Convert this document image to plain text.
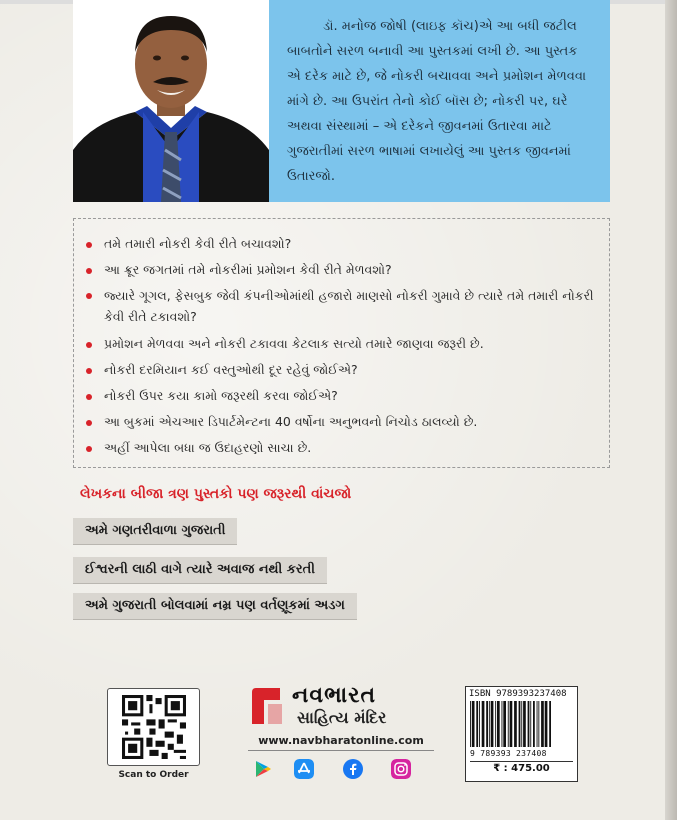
ડૉ. મનોજ જોષી (લાઇફ કૉચ)એ આ બધી જટીલ બાબતોને સરળ બનાવી આ પુસ્તકમાં લખી છે. આ પુસ્તક એ દરેક માટે છે, જે નોકરી બચાવવા અને પ્રમોશન મેળવવા માંગે છે. આ ઉપરાંત તેનો કોઈ બૉસ છે; નોકરી પર, ઘરે અથવા સંસ્થામાં – એ દરેકને જીવનમાં ઉતારવા માટે ગુજરાતીમાં સરળ ભાષામાં લખાયેલું આ પુસ્તક જીવનમાં ઉતારજો.
તમે તમારી નોકરી કેવી રીતે બચાવશો?
આ ક્રૂર જગતમાં તમે નોકરીમાં પ્રમોશન કેવી રીતે મેળવશો?
જ્યારે ગૂગલ, ફેસબુક જેવી કંપનીઓમાંથી હજારો માણસો નોકરી ગુમાવે છે ત્યારે તમે તમારી નોકરી કેવી રીતે ટકાવશો?
પ્રમોશન મેળવવા અને નોકરી ટકાવવા કેટલાક સત્યો તમારે જાણવા જરૂરી છે.
નોકરી દરમિયાન કઈ વસ્તુઓથી દૂર રહેવું જોઈએ?
નોકરી ઉપર કયા કામો જરૂરથી કરવા જોઈએ?
આ બુકમાં એચઆર ડિપાર્ટમેન્ટના 40 વર્ષોના અનુભવનો નિચોડ ઠાલવ્યો છે.
અહીં આપેલા બધા જ ઉદાહરણો સાચા છે.
લેખકના બીજા ત્રણ પુસ્તકો પણ જરૂરથી વાંચજો
અમે ગણતરીવાળા ગુજરાતી
ઈશ્વરની લાઠી વાગે ત્યારે અવાજ નથી કરતી
અમે ગુજરાતી બોલવામાં નમ્ર પણ વર્તણૂકમાં અડગ
Scan to Order
નવભારત
સાહિત્ય મંદિર
www.navbharatonline.com
ISBN 9789393237408
9 789393 237408
₹ : 475.00
